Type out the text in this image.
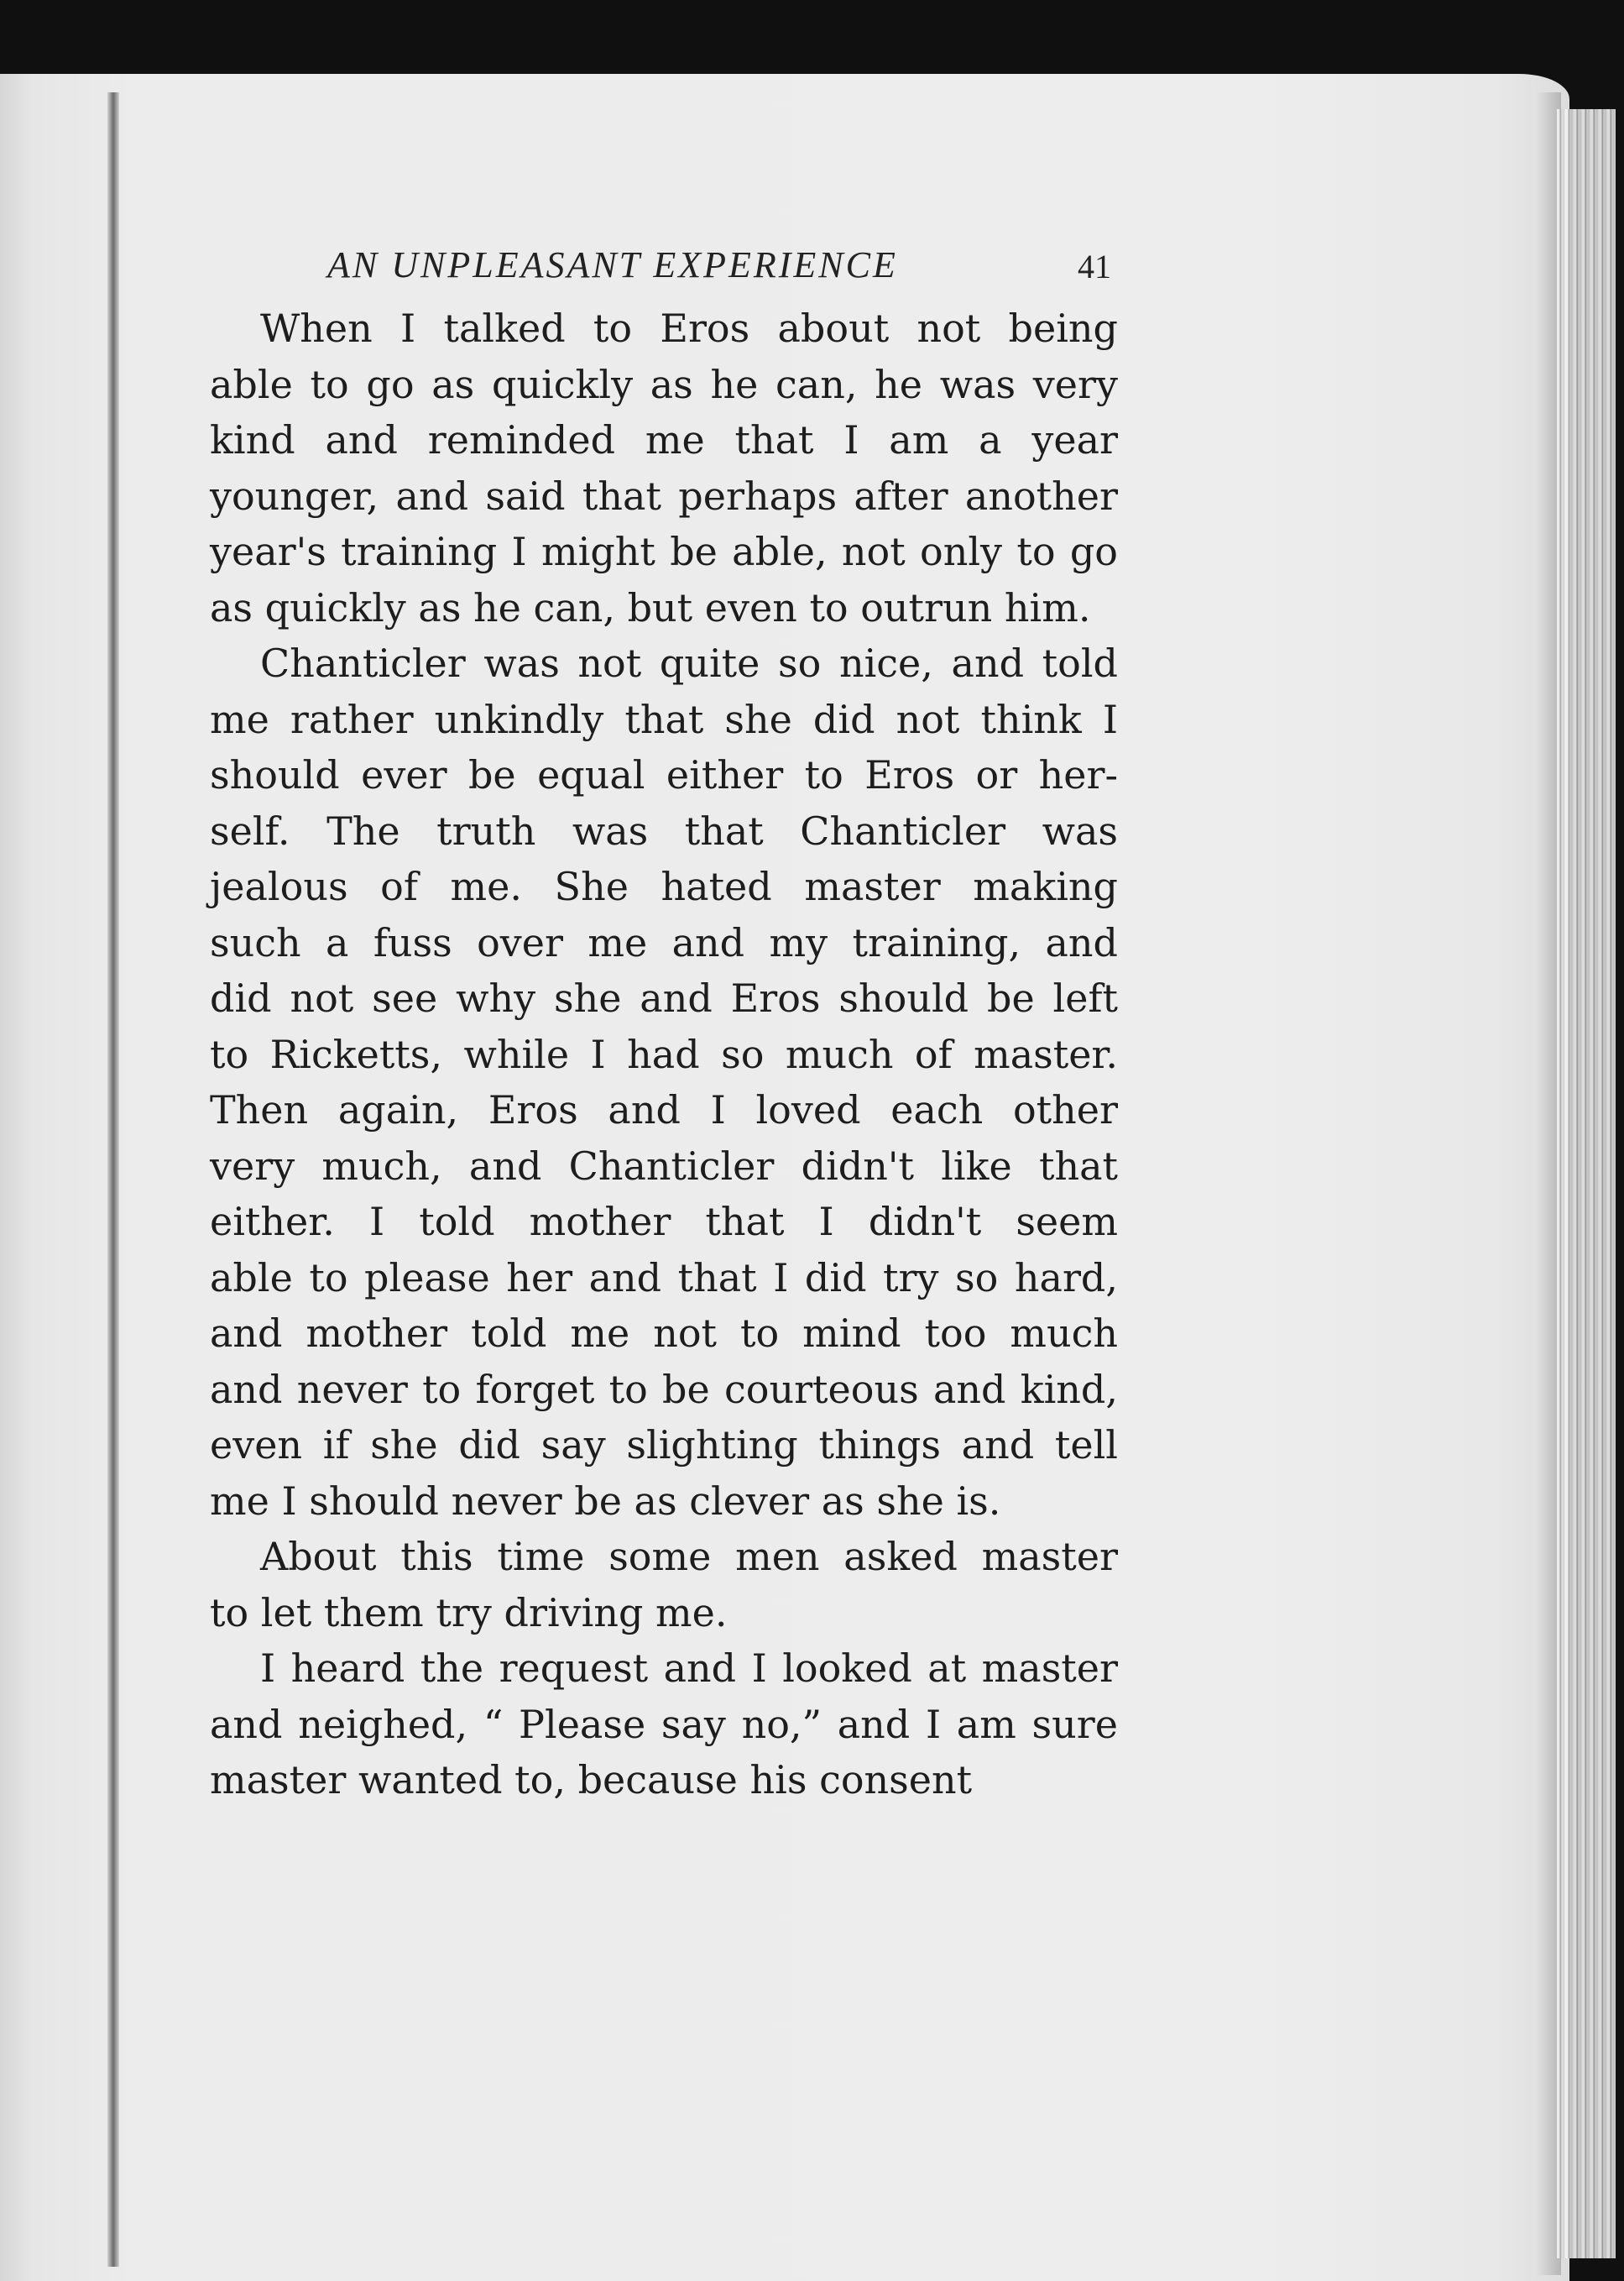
AN UNPLEASANT EXPERIENCE	41
When I talked to Eros about not being
able to go as quickly as he can, he was very
kind and reminded me that I am a year
younger, and said that perhaps after another
year's training I might be able, not only to go
as quickly as he can, but even to outrun him.
Chanticler was not quite so nice, and told
me rather unkindly that she did not think I
should ever be equal either to Eros or her-
self. The truth was that Chanticler was
jealous of me. She hated master making
such a fuss over me and my training, and
did not see why she and Eros should be left
to Ricketts, while I had so much of master.
Then again, Eros and I loved each other
very much, and Chanticler didn't like that
either. I told mother that I didn't seem
able to please her and that I did try so hard,
and mother told me not to mind too much
and never to forget to be courteous and kind,
even if she did say slighting things and tell
me I should never be as clever as she is.
About this time some men asked master
to let them try driving me.
I heard the request and I looked at master
and neighed, “ Please say no,” and I am sure
master wanted to, because his consent
